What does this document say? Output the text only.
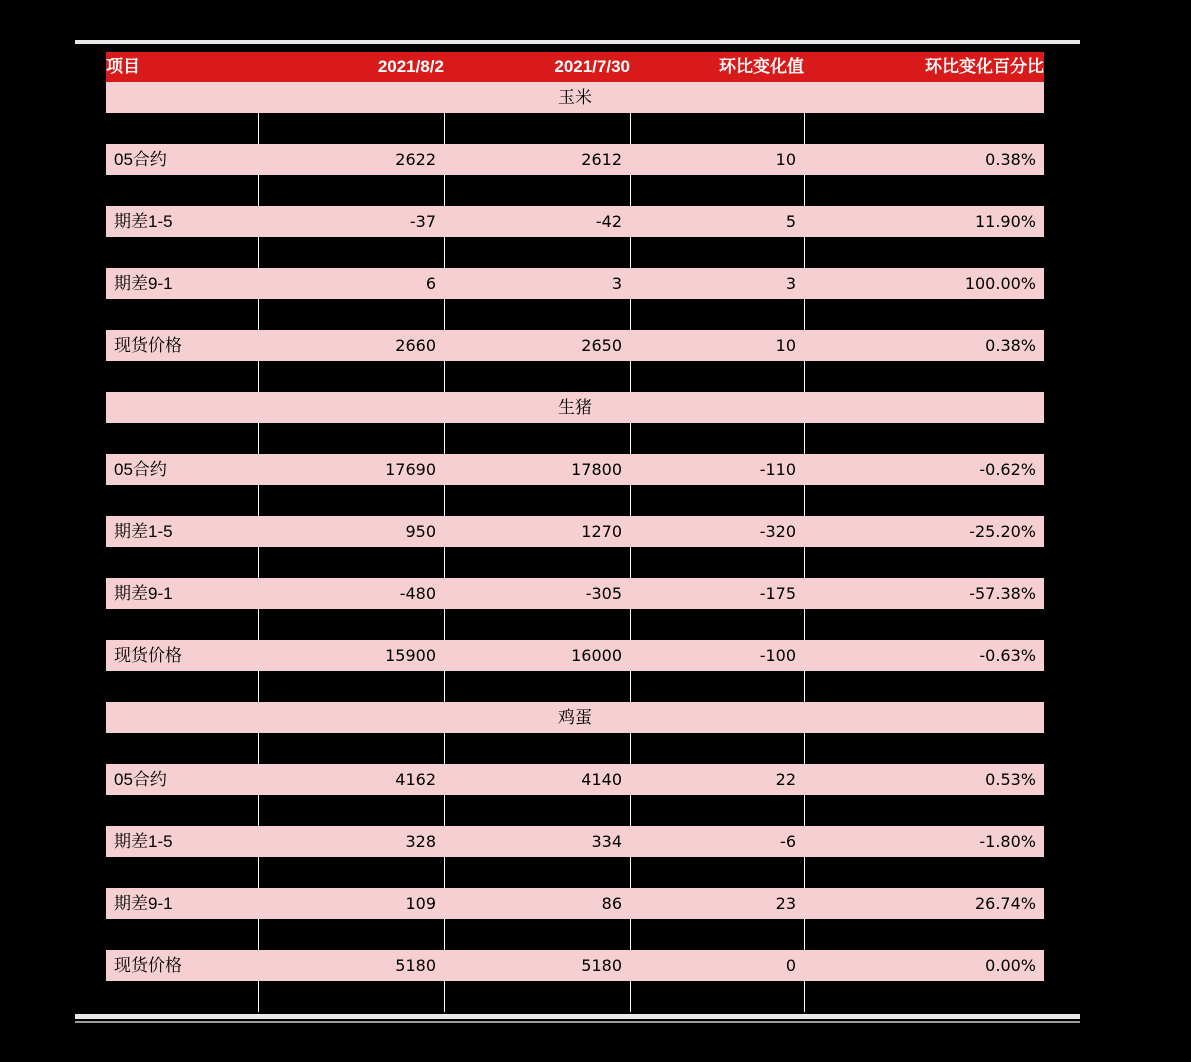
项目	2021/8/2	2021/7/30	环比变化值	环比变化百分比
玉米				

05合约	2622	2612	10	0.38%

期差1-5	-37	-42	5	11.90%

期差9-1	6	3	3	100.00%

现货价格	2660	2650	10	0.38%

生猪				

05合约	17690	17800	-110	-0.62%

期差1-5	950	1270	-320	-25.20%

期差9-1	-480	-305	-175	-57.38%

现货价格	15900	16000	-100	-0.63%

鸡蛋				

05合约	4162	4140	22	0.53%

期差1-5	328	334	-6	-1.80%

期差9-1	109	86	23	26.74%

现货价格	5180	5180	0	0.00%
